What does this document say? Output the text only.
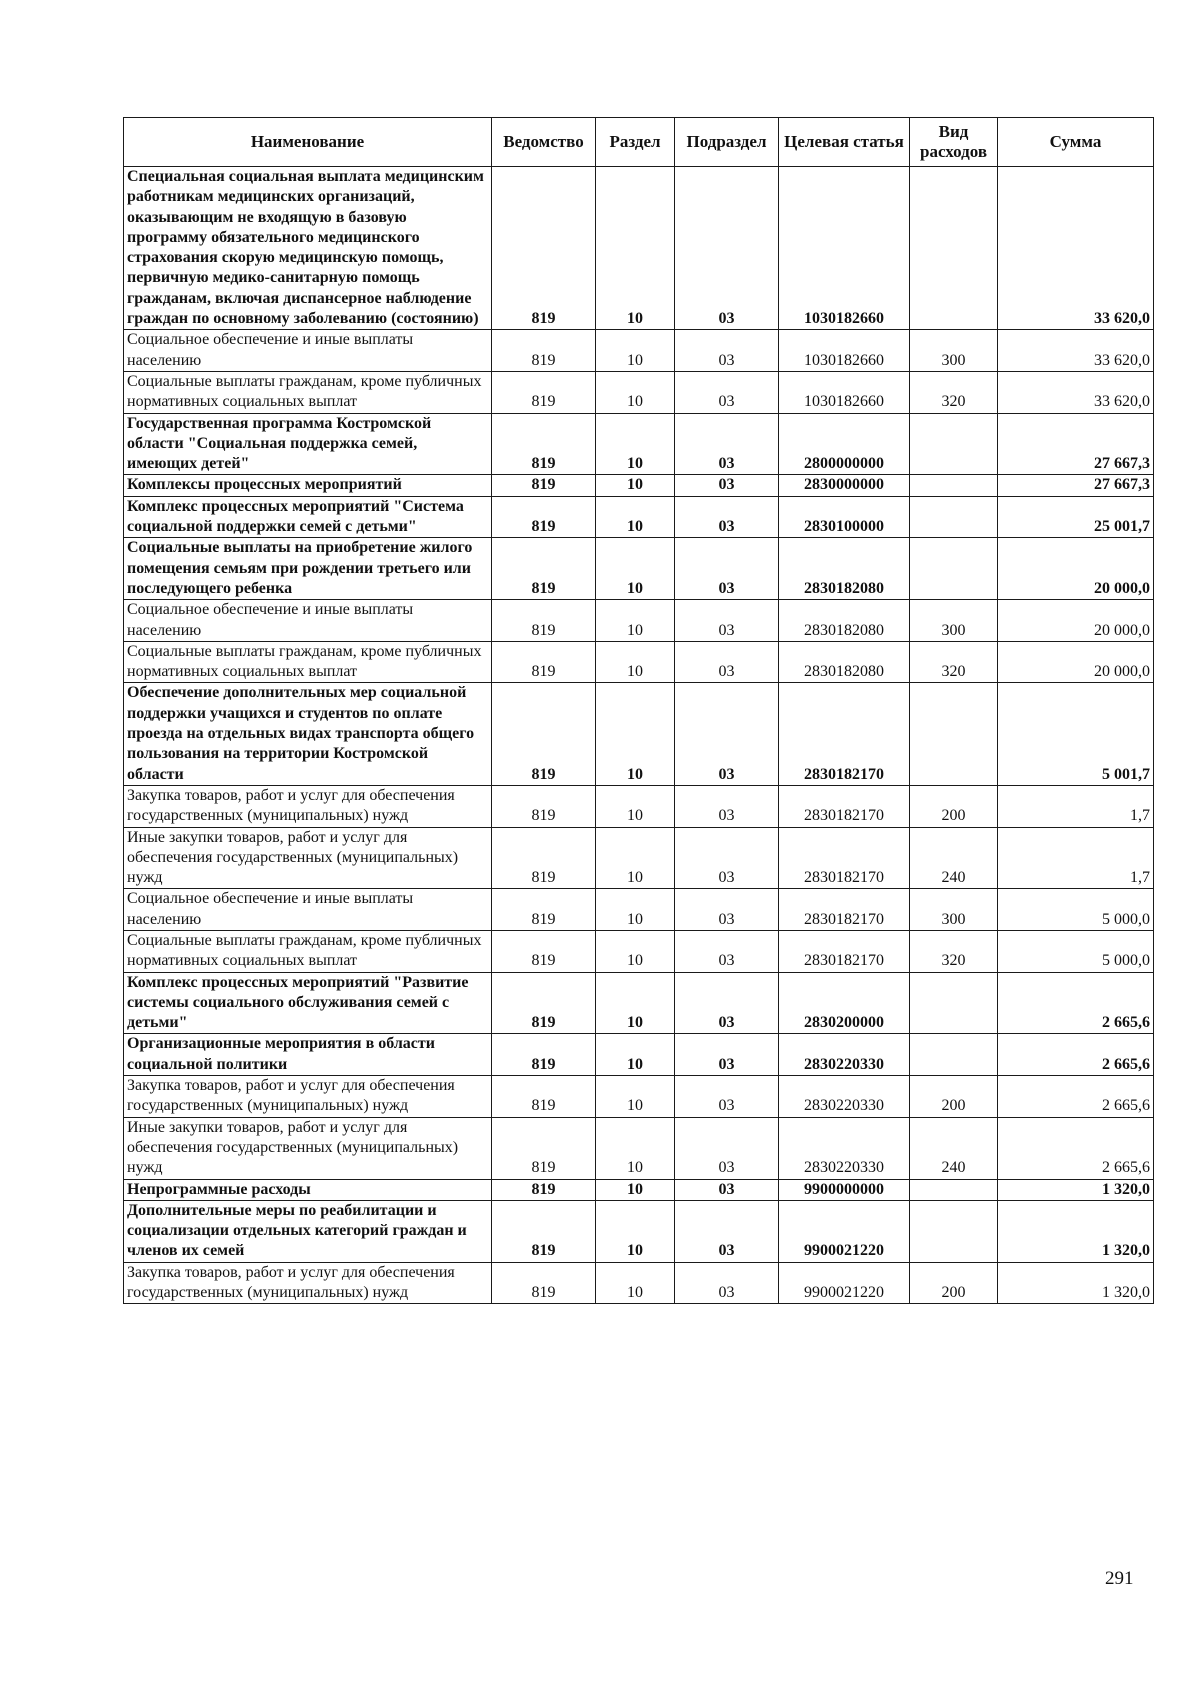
Наименование	Ведомство	Раздел	Подраздел	Целевая статья	Вид расходов	Сумма
Специальная социальная выплата медицинским работникам медицинских организаций, оказывающим не входящую в базовую программу обязательного медицинского страхования скорую медицинскую помощь, первичную медико-санитарную помощь гражданам, включая диспансерное наблюдение граждан по основному заболеванию (состоянию)	819	10	03	1030182660		33 620,0
Социальное обеспечение и иные выплаты населению	819	10	03	1030182660	300	33 620,0
Социальные выплаты гражданам, кроме публичных нормативных социальных выплат	819	10	03	1030182660	320	33 620,0
Государственная программа Костромской области "Социальная поддержка семей, имеющих детей"	819	10	03	2800000000		27 667,3
Комплексы процессных мероприятий	819	10	03	2830000000		27 667,3
Комплекс процессных мероприятий "Система социальной поддержки семей с детьми"	819	10	03	2830100000		25 001,7
Социальные выплаты на приобретение жилого помещения семьям при рождении третьего или последующего ребенка	819	10	03	2830182080		20 000,0
Социальное обеспечение и иные выплаты населению	819	10	03	2830182080	300	20 000,0
Социальные выплаты гражданам, кроме публичных нормативных социальных выплат	819	10	03	2830182080	320	20 000,0
Обеспечение дополнительных мер социальной поддержки учащихся и студентов по оплате проезда на отдельных видах транспорта общего пользования на территории Костромской области	819	10	03	2830182170		5 001,7
Закупка товаров, работ и услуг для обеспечения государственных (муниципальных) нужд	819	10	03	2830182170	200	1,7
Иные закупки товаров, работ и услуг для обеспечения государственных (муниципальных) нужд	819	10	03	2830182170	240	1,7
Социальное обеспечение и иные выплаты населению	819	10	03	2830182170	300	5 000,0
Социальные выплаты гражданам, кроме публичных нормативных социальных выплат	819	10	03	2830182170	320	5 000,0
Комплекс процессных мероприятий "Развитие системы социального обслуживания семей с детьми"	819	10	03	2830200000		2 665,6
Организационные мероприятия в области социальной политики	819	10	03	2830220330		2 665,6
Закупка товаров, работ и услуг для обеспечения государственных (муниципальных) нужд	819	10	03	2830220330	200	2 665,6
Иные закупки товаров, работ и услуг для обеспечения государственных (муниципальных) нужд	819	10	03	2830220330	240	2 665,6
Непрограммные расходы	819	10	03	9900000000		1 320,0
Дополнительные меры по реабилитации и социализации отдельных категорий граждан и членов их семей	819	10	03	9900021220		1 320,0
Закупка товаров, работ и услуг для обеспечения государственных (муниципальных) нужд	819	10	03	9900021220	200	1 320,0
291
